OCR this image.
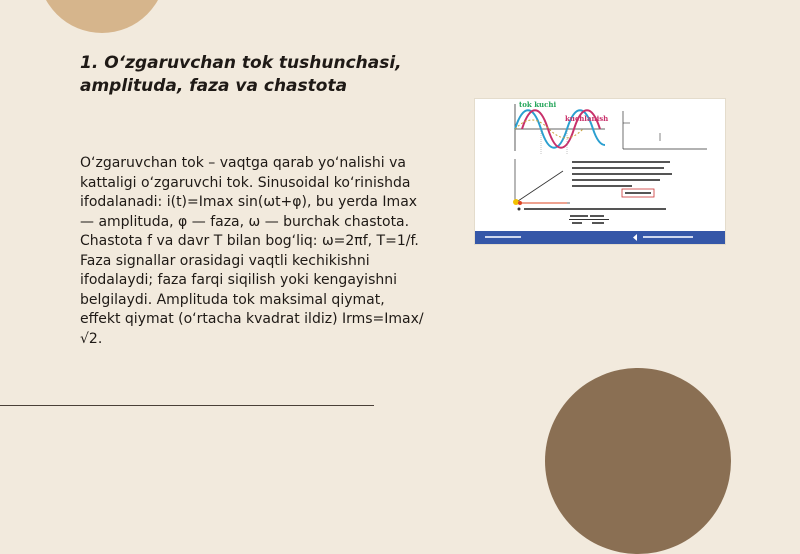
1. O‘zgaruvchan tok tushunchasi, amplituda, faza va chastota

O‘zgaruvchan tok – vaqtga qarab yo‘nalishi va kattaligi o‘zgaruvchi tok. Sinusoidal ko‘rinishda ifodalanadi: i(t)=Imax sin(ωt+φ), bu yerda Imax — amplituda, φ — faza, ω — burchak chastota. Chastota f va davr T bilan bog‘liq: ω=2πf, T=1/f. Faza signallar orasidagi vaqtli kechikishni ifodalaydi; faza farqi siqilish yoki kengayishni belgilaydi. Amplituda tok maksimal qiymat, effekt qiymat (o‘rtacha kvadrat ildiz) Irms=Imax/√2.

tok kuchi
kuchlanish
